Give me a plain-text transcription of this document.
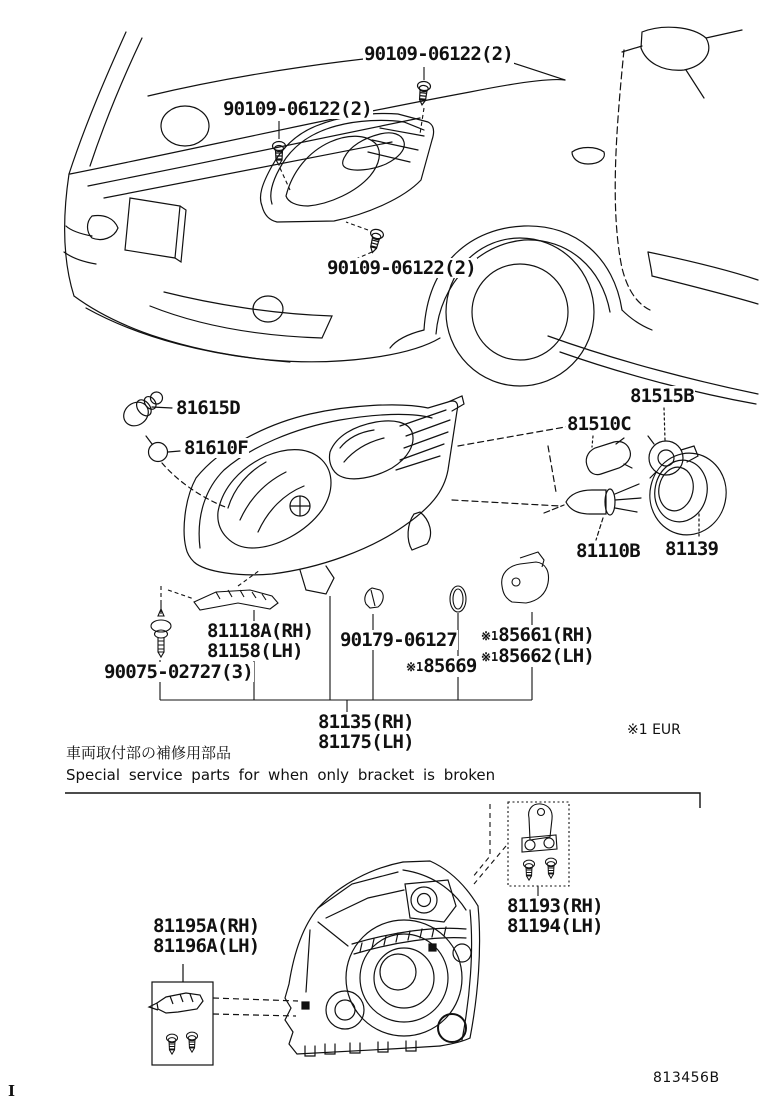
90109-06122(2)
90109-06122(2)
90109-06122(2)
81615D
81610F
81515B
81510C
81110B 81139
81118A(RH)
81158(LH)
90075-02727(3)
90179-06127
※185669
※185661(RH)
※185662(LH)
81135(RH)
81175(LH)
※1 EUR
車両取付部の補修用部品
Special service parts for when only bracket is broken
81193(RH)
81194(LH)
81195A(RH)
81196A(LH)
813456B
I
